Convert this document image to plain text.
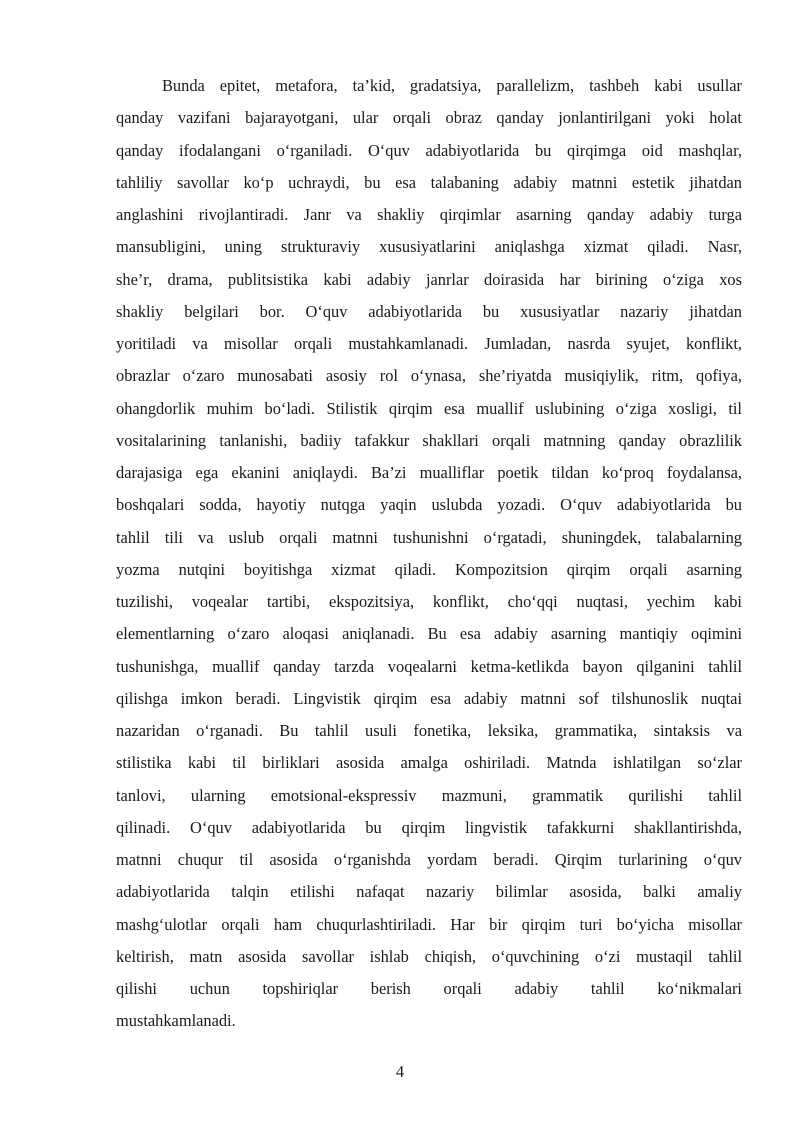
Bunda epitet, metafora, ta’kid, gradatsiya, parallelizm, tashbeh kabi usullar
qanday vazifani bajarayotgani, ular orqali obraz qanday jonlantirilgani yoki holat
qanday ifodalangani o‘rganiladi. O‘quv adabiyotlarida bu qirqimga oid mashqlar,
tahliliy savollar ko‘p uchraydi, bu esa talabaning adabiy matnni estetik jihatdan
anglashini rivojlantiradi. Janr va shakliy qirqimlar asarning qanday adabiy turga
mansubligini, uning strukturaviy xususiyatlarini aniqlashga xizmat qiladi. Nasr,
she’r, drama, publitsistika kabi adabiy janrlar doirasida har birining o‘ziga xos
shakliy belgilari bor. O‘quv adabiyotlarida bu xususiyatlar nazariy jihatdan
yoritiladi va misollar orqali mustahkamlanadi. Jumladan, nasrda syujet, konflikt,
obrazlar o‘zaro munosabati asosiy rol o‘ynasa, she’riyatda musiqiylik, ritm, qofiya,
ohangdorlik muhim bo‘ladi. Stilistik qirqim esa muallif uslubining o‘ziga xosligi, til
vositalarining tanlanishi, badiiy tafakkur shakllari orqali matnning qanday obrazlilik
darajasiga ega ekanini aniqlaydi. Ba’zi mualliflar poetik tildan ko‘proq foydalansa,
boshqalari sodda, hayotiy nutqga yaqin uslubda yozadi. O‘quv adabiyotlarida bu
tahlil tili va uslub orqali matnni tushunishni o‘rgatadi, shuningdek, talabalarning
yozma nutqini boyitishga xizmat qiladi. Kompozitsion qirqim orqali asarning
tuzilishi, voqealar tartibi, ekspozitsiya, konflikt, cho‘qqi nuqtasi, yechim kabi
elementlarning o‘zaro aloqasi aniqlanadi. Bu esa adabiy asarning mantiqiy oqimini
tushunishga, muallif qanday tarzda voqealarni ketma-ketlikda bayon qilganini tahlil
qilishga imkon beradi. Lingvistik qirqim esa adabiy matnni sof tilshunoslik nuqtai
nazaridan o‘rganadi. Bu tahlil usuli fonetika, leksika, grammatika, sintaksis va
stilistika kabi til birliklari asosida amalga oshiriladi. Matnda ishlatilgan so‘zlar
tanlovi, ularning emotsional-ekspressiv mazmuni, grammatik qurilishi tahlil
qilinadi. O‘quv adabiyotlarida bu qirqim lingvistik tafakkurni shakllantirishda,
matnni chuqur til asosida o‘rganishda yordam beradi. Qirqim turlarining o‘quv
adabiyotlarida talqin etilishi nafaqat nazariy bilimlar asosida, balki amaliy
mashg‘ulotlar orqali ham chuqurlashtiriladi. Har bir qirqim turi bo‘yicha misollar
keltirish, matn asosida savollar ishlab chiqish, o‘quvchining o‘zi mustaqil tahlil
qilishi uchun topshiriqlar berish orqali adabiy tahlil ko‘nikmalari
mustahkamlanadi.
4
